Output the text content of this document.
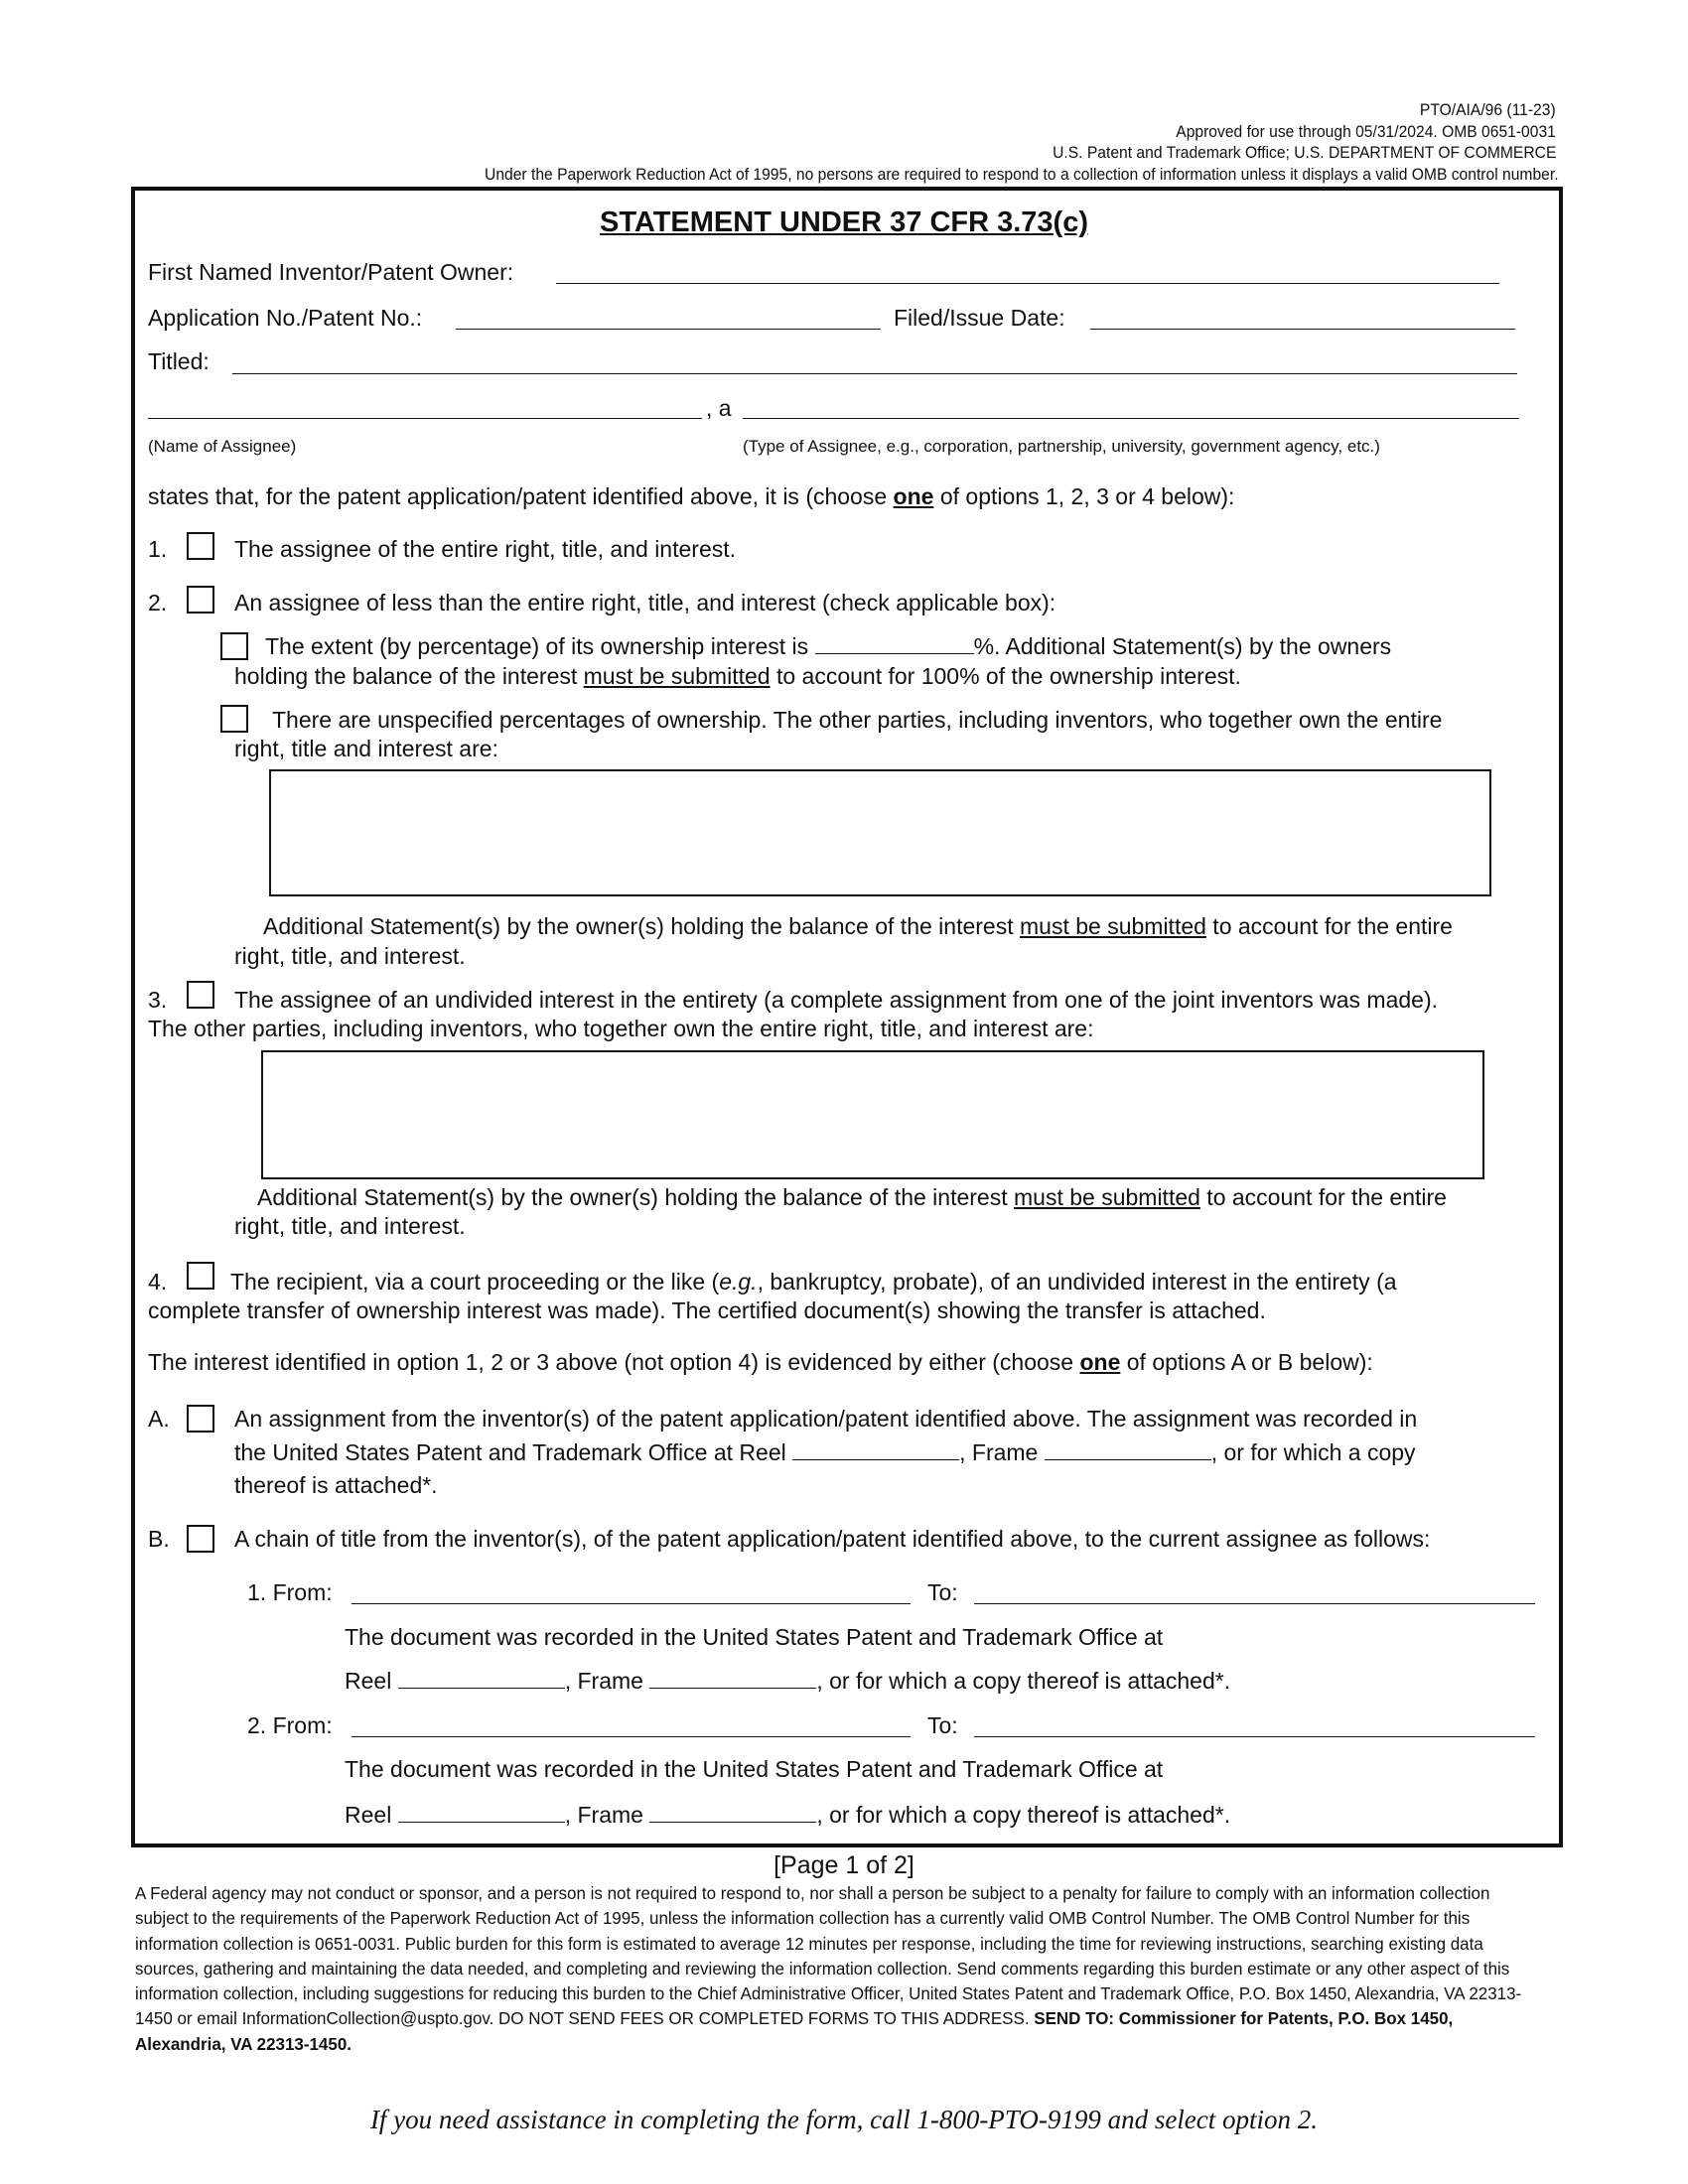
PTO/AIA/96 (11-23)
Approved for use through 05/31/2024. OMB 0651-0031
U.S. Patent and Trademark Office; U.S. DEPARTMENT OF COMMERCE
Under the Paperwork Reduction Act of 1995, no persons are required to respond to a collection of information unless it displays a valid OMB control number.
STATEMENT UNDER 37 CFR 3.73(c)
First Named Inventor/Patent Owner:
Application No./Patent No.:	Filed/Issue Date:
Titled:
, a
(Name of Assignee)	(Type of Assignee, e.g., corporation, partnership, university, government agency, etc.)
states that, for the patent application/patent identified above, it is (choose one of options 1, 2, 3 or 4 below):
1.	The assignee of the entire right, title, and interest.
2.	An assignee of less than the entire right, title, and interest (check applicable box):
The extent (by percentage) of its ownership interest is	%. Additional Statement(s) by the owners
holding the balance of the interest must be submitted to account for 100% of the ownership interest.
There are unspecified percentages of ownership. The other parties, including inventors, who together own the entire
right, title and interest are:
Additional Statement(s) by the owner(s) holding the balance of the interest must be submitted to account for the entire
right, title, and interest.
3.	The assignee of an undivided interest in the entirety (a complete assignment from one of the joint inventors was made).
The other parties, including inventors, who together own the entire right, title, and interest are:
Additional Statement(s) by the owner(s) holding the balance of the interest must be submitted to account for the entire
right, title, and interest.
4.	The recipient, via a court proceeding or the like (e.g., bankruptcy, probate), of an undivided interest in the entirety (a
complete transfer of ownership interest was made). The certified document(s) showing the transfer is attached.
The interest identified in option 1, 2 or 3 above (not option 4) is evidenced by either (choose one of options A or B below):
A.	An assignment from the inventor(s) of the patent application/patent identified above. The assignment was recorded in
the United States Patent and Trademark Office at Reel	, Frame	, or for which a copy
thereof is attached*.
B.	A chain of title from the inventor(s), of the patent application/patent identified above, to the current assignee as follows:
1. From:	To:
The document was recorded in the United States Patent and Trademark Office at
Reel	, Frame	, or for which a copy thereof is attached*.
2. From:	To:
The document was recorded in the United States Patent and Trademark Office at
Reel	, Frame	, or for which a copy thereof is attached*.
[Page 1 of 2]
A Federal agency may not conduct or sponsor, and a person is not required to respond to, nor shall a person be subject to a penalty for failure to comply with an information collection subject to the requirements of the Paperwork Reduction Act of 1995, unless the information collection has a currently valid OMB Control Number. The OMB Control Number for this information collection is 0651-0031. Public burden for this form is estimated to average 12 minutes per response, including the time for reviewing instructions, searching existing data sources, gathering and maintaining the data needed, and completing and reviewing the information collection. Send comments regarding this burden estimate or any other aspect of this information collection, including suggestions for reducing this burden to the Chief Administrative Officer, United States Patent and Trademark Office, P.O. Box 1450, Alexandria, VA 22313-1450 or email InformationCollection@uspto.gov. DO NOT SEND FEES OR COMPLETED FORMS TO THIS ADDRESS. SEND TO: Commissioner for Patents, P.O. Box 1450, Alexandria, VA 22313-1450.
If you need assistance in completing the form, call 1-800-PTO-9199 and select option 2.
